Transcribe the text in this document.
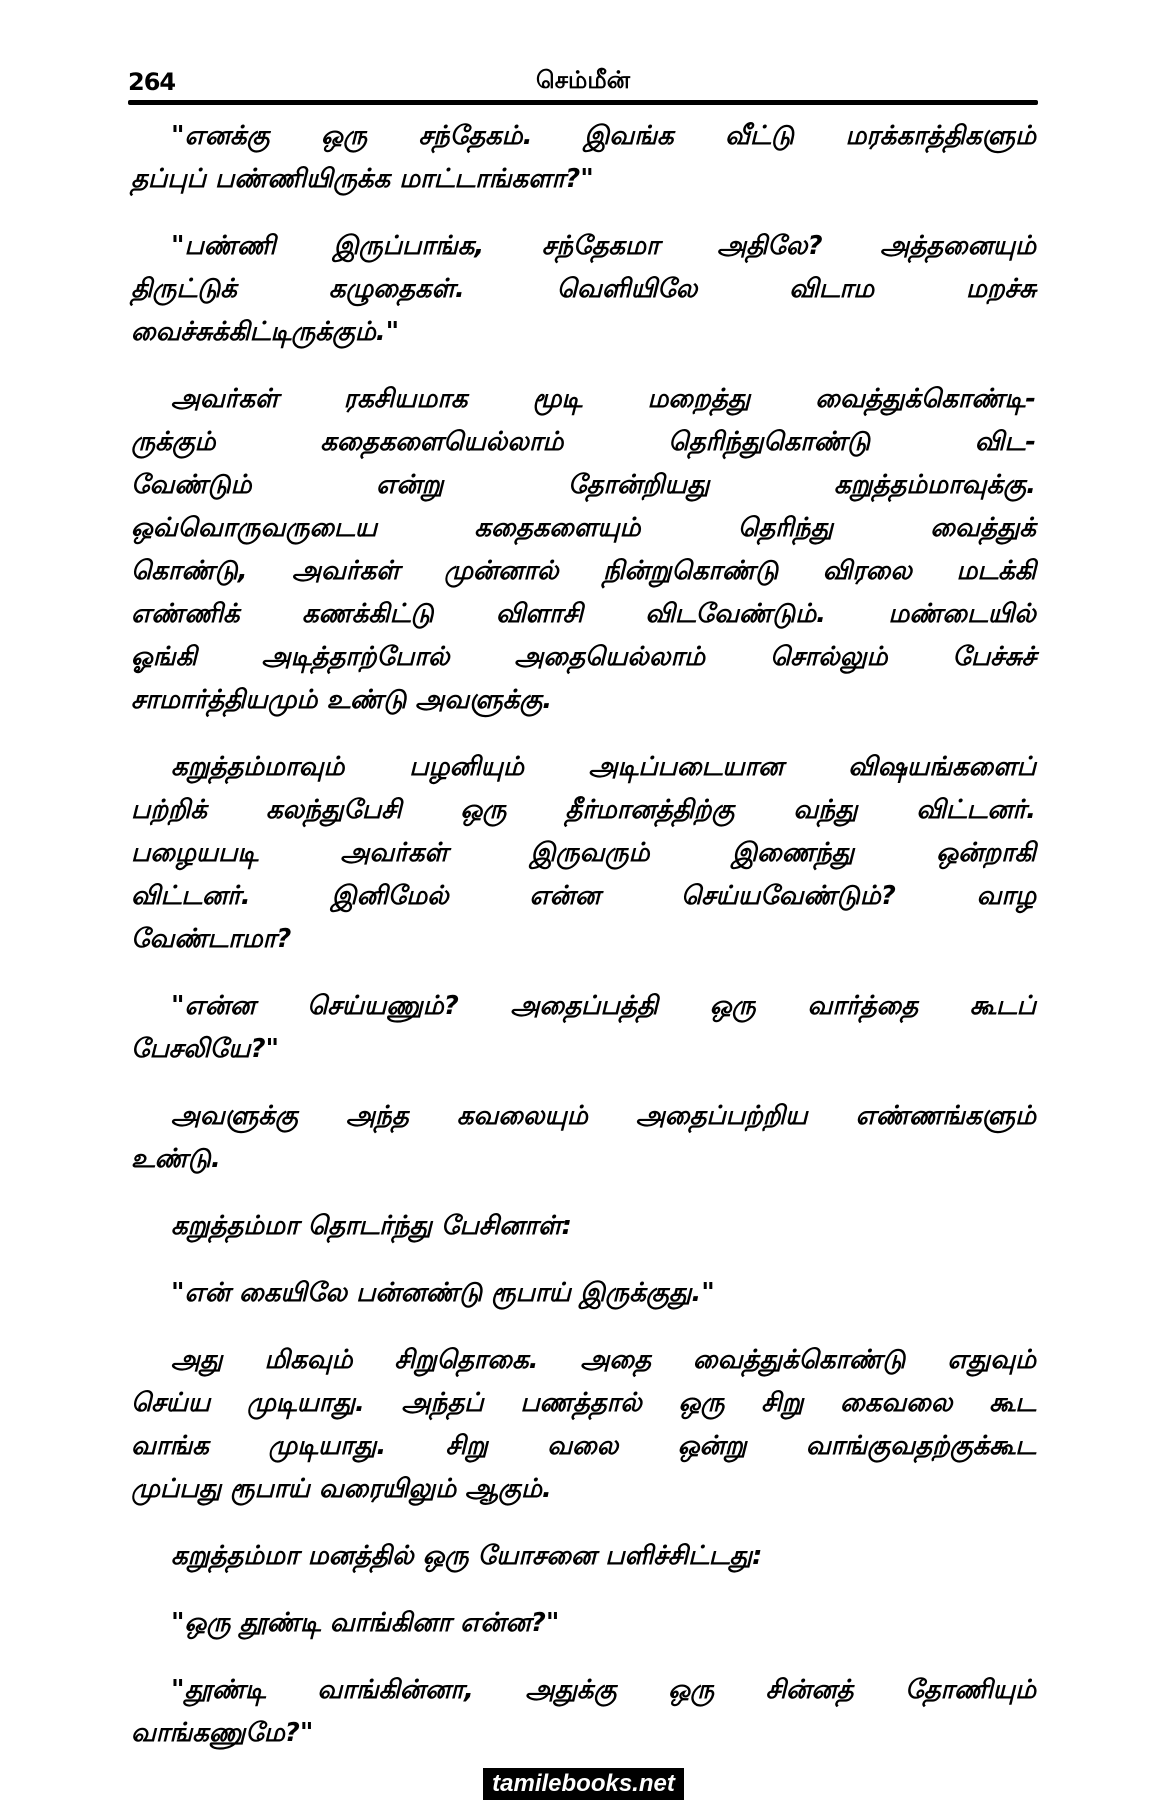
264	செம்மீன்
"எனக்கு ஒரு சந்தேகம். இவங்க வீட்டு மரக்காத்திகளும்
தப்புப் பண்ணியிருக்க மாட்டாங்களா?"
"பண்ணி இருப்பாங்க, சந்தேகமா அதிலே? அத்தனையும்
திருட்டுக் கழுதைகள். வெளியிலே விடாம மறச்சு
வைச்சுக்கிட்டிருக்கும்."
அவர்கள் ரகசியமாக மூடி மறைத்து வைத்துக்கொண்டி-
ருக்கும் கதைகளையெல்லாம் தெரிந்துகொண்டு விட-
வேண்டும் என்று தோன்றியது கறுத்தம்மாவுக்கு.
ஒவ்வொருவருடைய கதைகளையும் தெரிந்து வைத்துக்
கொண்டு, அவர்கள் முன்னால் நின்றுகொண்டு விரலை மடக்கி
எண்ணிக் கணக்கிட்டு விளாசி விடவேண்டும். மண்டையில்
ஓங்கி அடித்தாற்போல் அதையெல்லாம் சொல்லும் பேச்சுச்
சாமார்த்தியமும் உண்டு அவளுக்கு.
கறுத்தம்மாவும் பழனியும் அடிப்படையான விஷயங்களைப்
பற்றிக் கலந்துபேசி ஒரு தீர்மானத்திற்கு வந்து விட்டனர்.
பழையபடி அவர்கள் இருவரும் இணைந்து ஒன்றாகி
விட்டனர். இனிமேல் என்ன செய்யவேண்டும்? வாழ
வேண்டாமா?
"என்ன செய்யணும்? அதைப்பத்தி ஒரு வார்த்தை கூடப்
பேசலியே?"
அவளுக்கு அந்த கவலையும் அதைப்பற்றிய எண்ணங்களும்
உண்டு.
கறுத்தம்மா தொடர்ந்து பேசினாள்:
"என் கையிலே பன்னண்டு ரூபாய் இருக்குது."
அது மிகவும் சிறுதொகை. அதை வைத்துக்கொண்டு எதுவும்
செய்ய முடியாது. அந்தப் பணத்தால் ஒரு சிறு கைவலை கூட
வாங்க முடியாது. சிறு வலை ஒன்று வாங்குவதற்குக்கூட
முப்பது ரூபாய் வரையிலும் ஆகும்.
கறுத்தம்மா மனத்தில் ஒரு யோசனை பளிச்சிட்டது:
"ஒரு தூண்டி வாங்கினா என்ன?"
"தூண்டி வாங்கின்னா, அதுக்கு ஒரு சின்னத் தோணியும்
வாங்கணுமே?"
tamilebooks.net
